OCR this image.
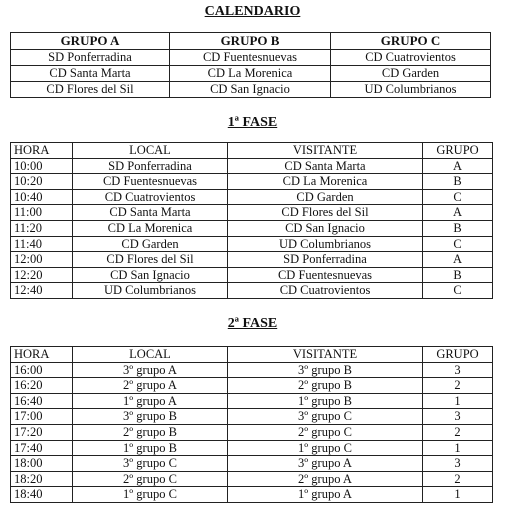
CALENDARIO
GRUPO A	GRUPO B	GRUPO C
SD Ponferradina	CD Fuentesnuevas	CD Cuatrovientos
CD Santa Marta	CD La Morenica	CD Garden
CD Flores del Sil	CD San Ignacio	UD Columbrianos
1ª FASE
HORA	LOCAL	VISITANTE	GRUPO
10:00	SD Ponferradina	CD Santa Marta	A
10:20	CD Fuentesnuevas	CD La Morenica	B
10:40	CD Cuatrovientos	CD Garden	C
11:00	CD Santa Marta	CD Flores del Sil	A
11:20	CD La Morenica	CD San Ignacio	B
11:40	CD Garden	UD Columbrianos	C
12:00	CD Flores del Sil	SD Ponferradina	A
12:20	CD San Ignacio	CD Fuentesnuevas	B
12:40	UD Columbrianos	CD Cuatrovientos	C
2ª FASE
HORA	LOCAL	VISITANTE	GRUPO
16:00	3º grupo A	3º grupo B	3
16:20	2º grupo A	2º grupo B	2
16:40	1º grupo A	1º grupo B	1
17:00	3º grupo B	3º grupo C	3
17:20	2º grupo B	2º grupo C	2
17:40	1º grupo B	1º grupo C	1
18:00	3º grupo C	3º grupo A	3
18:20	2º grupo C	2º grupo A	2
18:40	1º grupo C	1º grupo A	1
